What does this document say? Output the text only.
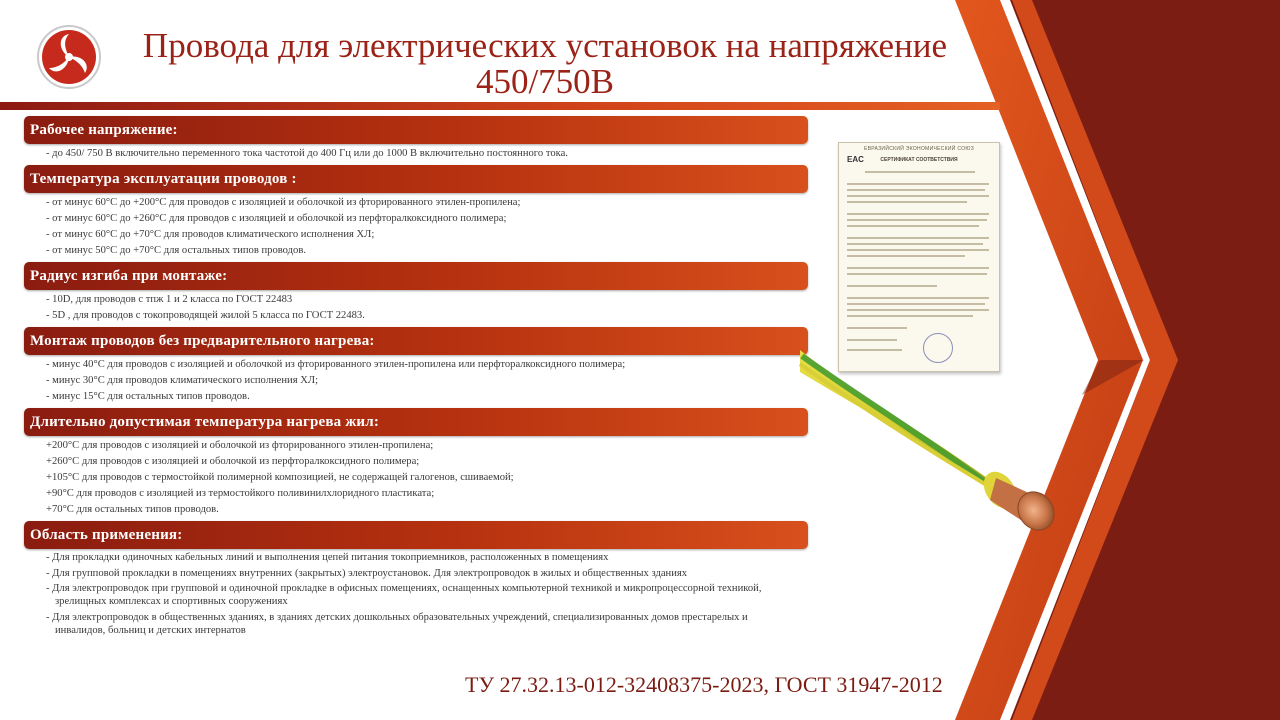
Провода для электрических установок на напряжение
450/750В
Рабочее напряжение:
- до 450/ 750 В включительно переменного тока частотой до 400 Гц или до 1000 В включительно постоянного тока.
Температура эксплуатации проводов :
- от минус 60°С до +200°С для проводов с изоляцией и оболочкой из фторированного этилен-пропилена;
- от минус 60°С до +260°С для проводов с изоляцией и оболочкой из перфторалкоксидного полимера;
- от минус 60°С до +70°С для проводов климатического исполнения ХЛ;
- от минус 50°С до +70°С для остальных типов проводов.
Радиус изгиба при монтаже:
- 10D, для проводов с тпж 1 и 2 класса по ГОСТ 22483
- 5D , для проводов с токопроводящей жилой 5 класса по ГОСТ 22483.
Монтаж проводов без предварительного нагрева:
- минус 40°С для проводов с изоляцией и оболочкой из фторированного этилен-пропилена или перфторалкоксидного полимера;
- минус 30°С для проводов климатического исполнения ХЛ;
- минус 15°С для остальных типов проводов.
Длительно допустимая температура нагрева жил:
+200°С для проводов с изоляцией и оболочкой из фторированного этилен-пропилена;
+260°С для проводов с изоляцией и оболочкой из перфторалкоксидного полимера;
+105°С для проводов с термостойкой полимерной композицией, не содержащей галогенов, сшиваемой;
+90°С для проводов с изоляцией из термостойкого поливинилхлоридного пластиката;
+70°С для остальных типов проводов.
Область применения:
- Для прокладки одиночных кабельных линий и выполнения цепей питания токоприемников, расположенных в помещениях
- Для групповой прокладки в помещениях внутренних (закрытых) электроустановок. Для электропроводок в жилых и общественных зданиях
- Для электропроводок при групповой и одиночной прокладке в офисных помещениях, оснащенных компьютерной техникой и микропроцессорной техникой, зрелищных комплексах и спортивных сооружениях
- Для электропроводок в общественных зданиях, в зданиях детских дошкольных образовательных учреждений, специализированных домов престарелых и инвалидов, больниц и детских интернатов
ЕВРАЗИЙСКИЙ ЭКОНОМИЧЕСКИЙ СОЮЗ
EAC	СЕРТИФИКАТ СООТВЕТСТВИЯ
ТУ 27.32.13-012-32408375-2023, ГОСТ 31947-2012
